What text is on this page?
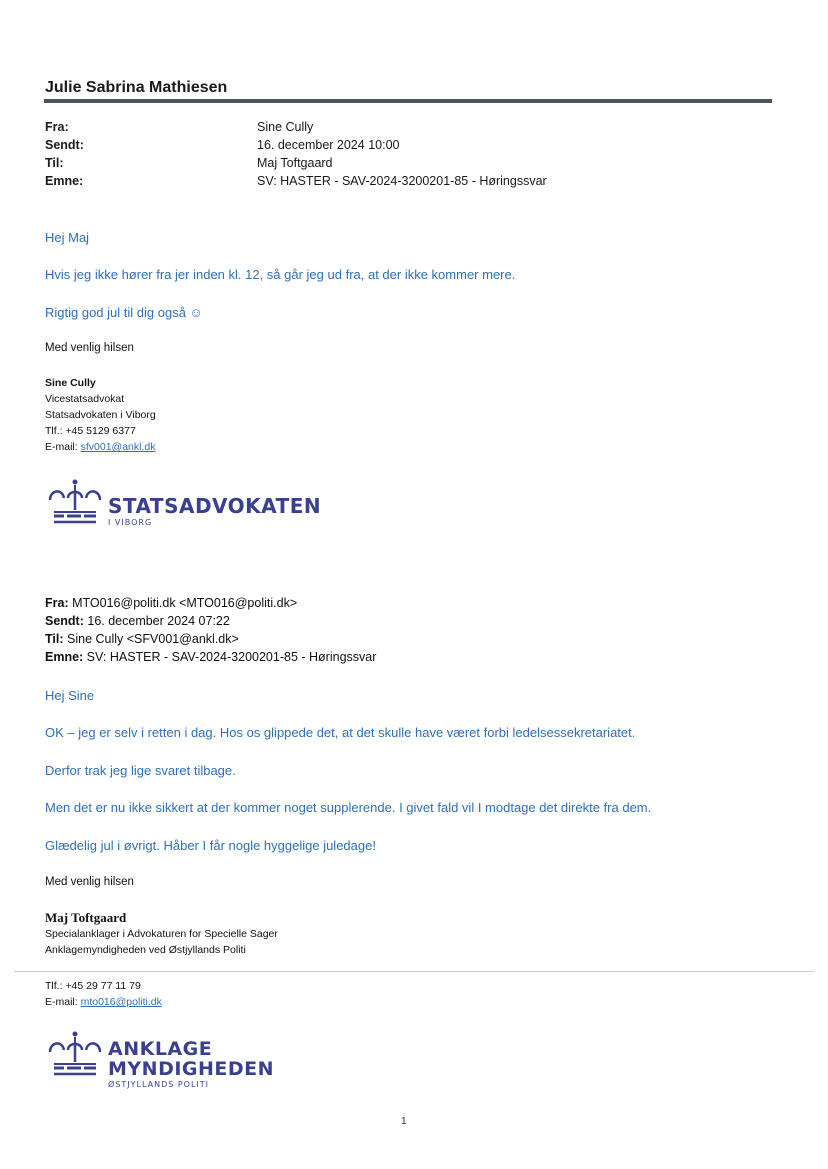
Julie Sabrina Mathiesen
Fra:	Sine Cully
Sendt:	16. december 2024 10:00
Til:	Maj Toftgaard
Emne:	SV: HASTER - SAV-2024-3200201-85 - Høringssvar
Hej Maj
Hvis jeg ikke hører fra jer inden kl. 12, så går jeg ud fra, at der ikke kommer mere.
Rigtig god jul til dig også ☺
Med venlig hilsen
Sine Cully
Vicestatsadvokat
Statsadvokaten i Viborg
Tlf.: +45 5129 6377
E-mail: sfv001@ankl.dk
STATSADVOKATEN
I VIBORG
Fra: MTO016@politi.dk <MTO016@politi.dk>
Sendt: 16. december 2024 07:22
Til: Sine Cully <SFV001@ankl.dk>
Emne: SV: HASTER - SAV-2024-3200201-85 - Høringssvar
Hej Sine
OK – jeg er selv i retten i dag. Hos os glippede det, at det skulle have været forbi ledelsessekretariatet.
Derfor trak jeg lige svaret tilbage.
Men det er nu ikke sikkert at der kommer noget supplerende. I givet fald vil I modtage det direkte fra dem.
Glædelig jul i øvrigt. Håber I får nogle hyggelige juledage!
Med venlig hilsen
Maj Toftgaard
Specialanklager i Advokaturen for Specielle Sager
Anklagemyndigheden ved Østjyllands Politi
Tlf.: +45 29 77 11 79
E-mail: mto016@politi.dk
ANKLAGE
MYNDIGHEDEN
ØSTJYLLANDS POLITI
1
